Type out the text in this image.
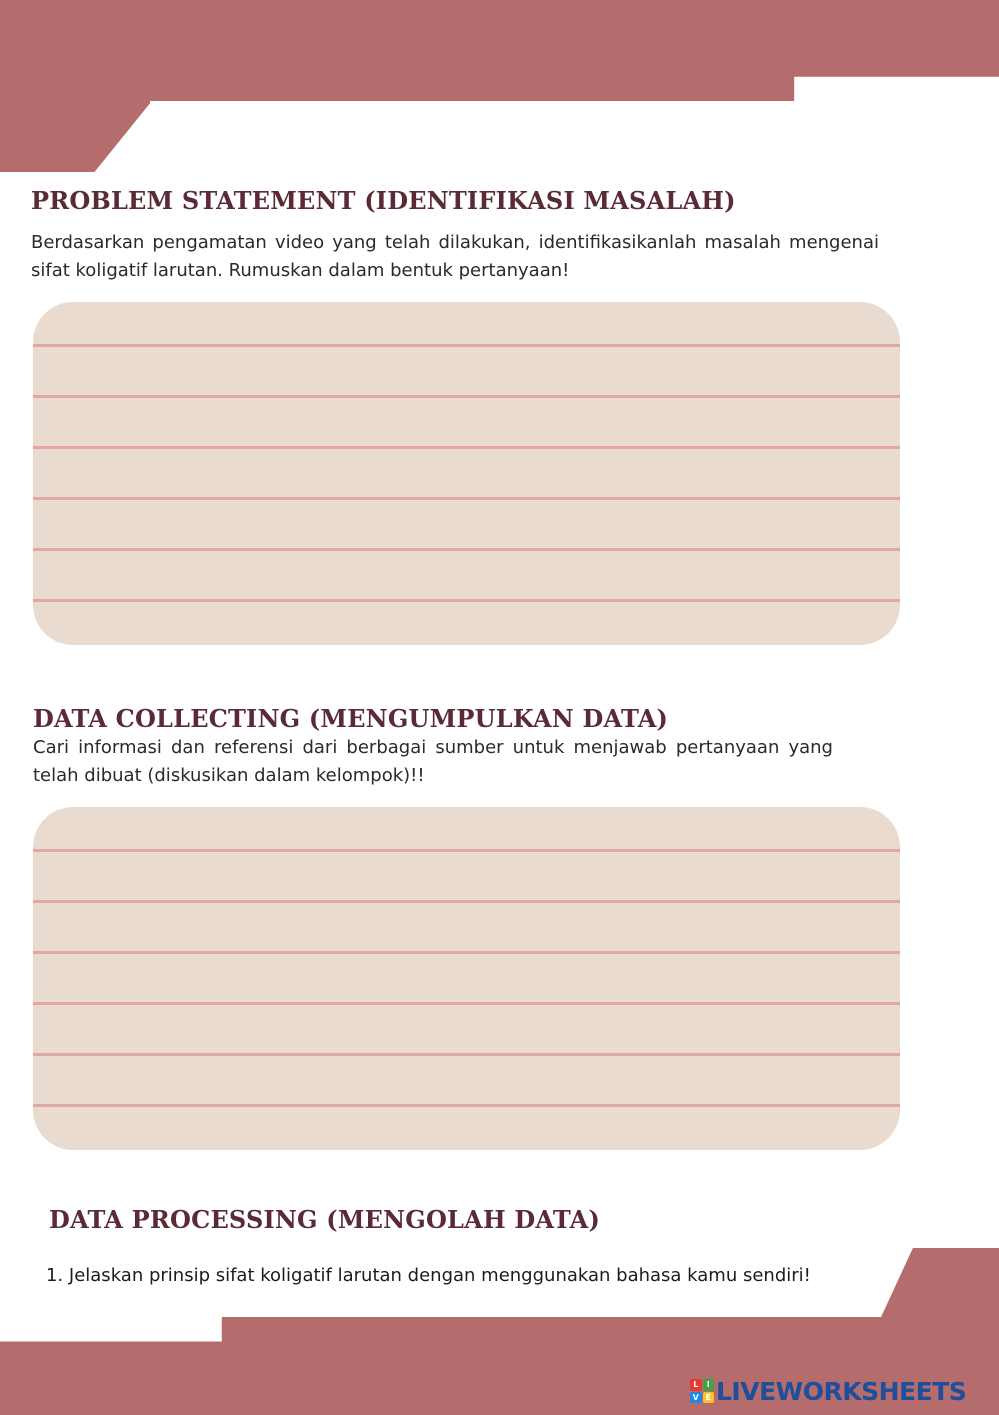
PROBLEM STATEMENT (IDENTIFIKASI MASALAH)

Berdasarkan pengamatan video yang telah dilakukan, identifikasikanlah masalah mengenai sifat koligatif larutan. Rumuskan dalam bentuk pertanyaan!

DATA COLLECTING (MENGUMPULKAN DATA)

Cari informasi dan referensi dari berbagai sumber untuk menjawab pertanyaan yang telah dibuat (diskusikan dalam kelompok)!!

DATA PROCESSING (MENGOLAH DATA)

1. Jelaskan prinsip sifat koligatif larutan dengan menggunakan bahasa kamu sendiri!

L	I
V E LIVEWORKSHEETS
